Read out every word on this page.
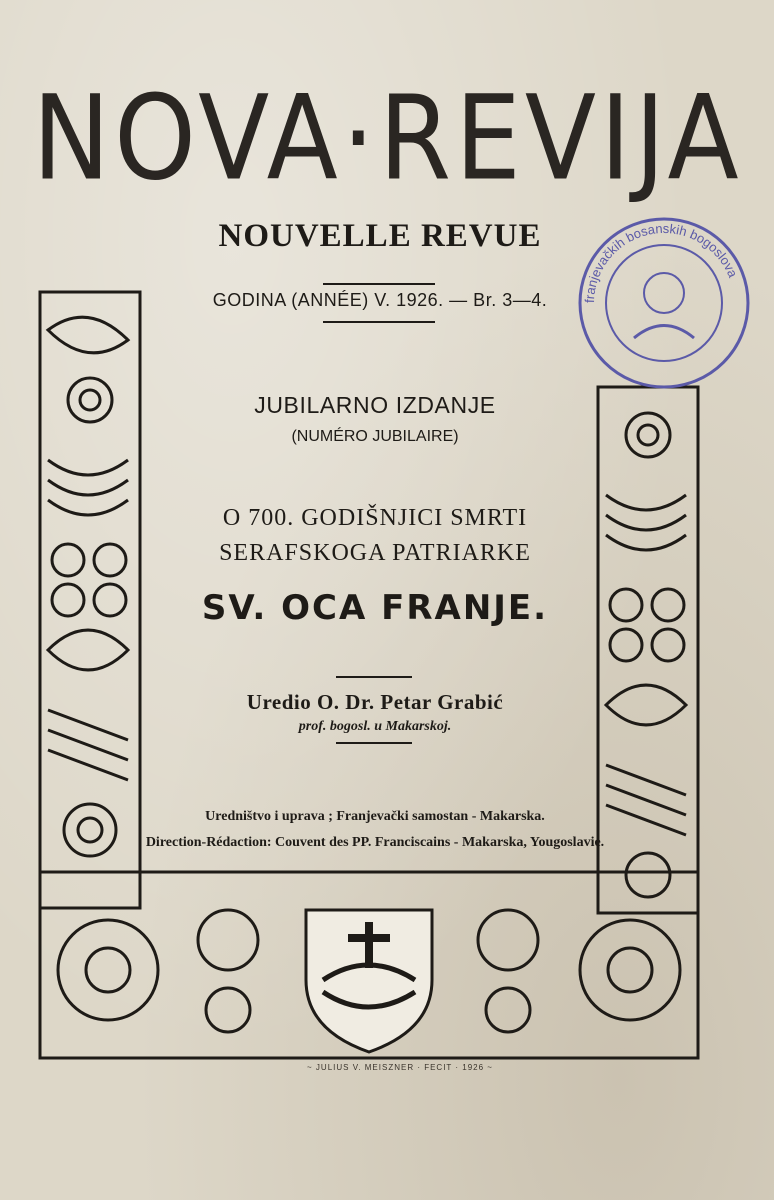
NOVA·REVIJA
NOUVELLE REVUE
GODINA (ANNÉE) V. 1926. — Br. 3—4.
JUBILARNO IZDANJE
(NUMÉRO JUBILAIRE)
O 700. GODIŠNJICI SMRTI
SERAFSKOGA PATRIARKE
SV. OCA FRANJE.
Uredio O. Dr. Petar Grabić
prof. bogosl. u Makarskoj.
Uredništvo i uprava ; Franjevački samostan - Makarska.
Direction-Rédaction: Couvent des PP. Franciscains - Makarska, Yougoslavie.
~ JULIUS V. MEISZNER · FECIT · 1926 ~
franjevačkih bosanskih bogoslova
